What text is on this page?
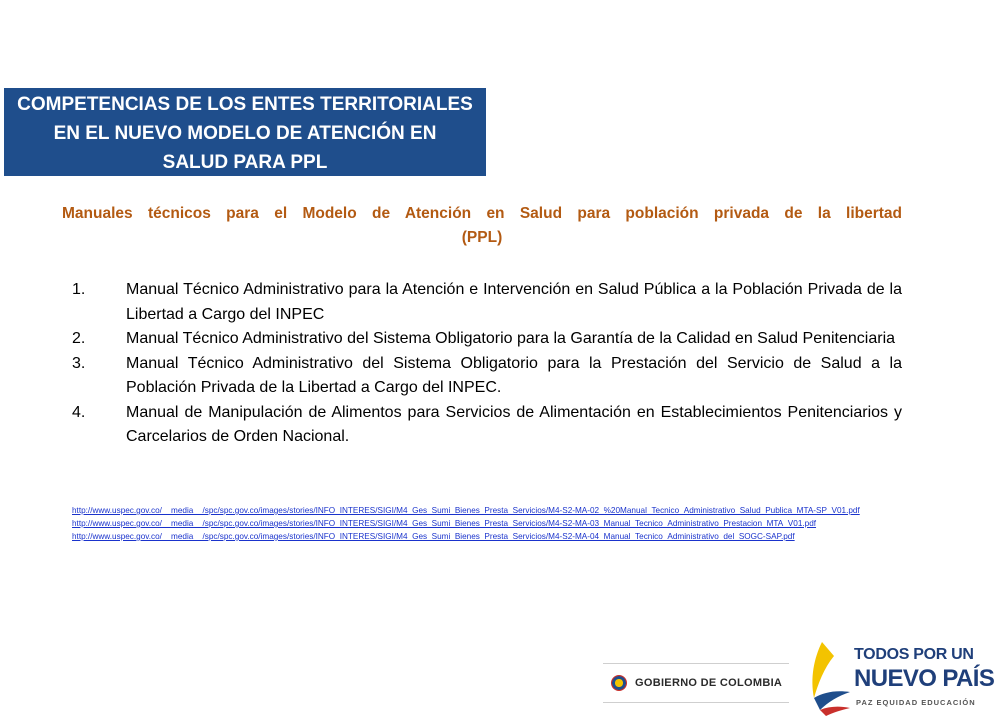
COMPETENCIAS DE LOS ENTES TERRITORIALES
EN EL NUEVO MODELO DE ATENCIÓN EN
SALUD PARA PPL
Manuales técnicos para el Modelo de Atención en Salud para población privada de la libertad
(PPL)
1.	Manual Técnico Administrativo para la Atención e Intervención en Salud Pública a la Población Privada de la Libertad a Cargo del INPEC
2.	Manual Técnico Administrativo del Sistema Obligatorio para la Garantía de la Calidad en Salud Penitenciaria
3.	Manual Técnico Administrativo del Sistema Obligatorio para la Prestación del Servicio de Salud a la Población Privada de la Libertad a Cargo del INPEC.
4.	Manual de Manipulación de Alimentos para Servicios de Alimentación en Establecimientos Penitenciarios y Carcelarios de Orden Nacional.
http://www.uspec.gov.co/__media__/spc/spc.gov.co/images/stories/INFO_INTERES/SIGI/M4_Ges_Sumi_Bienes_Presta_Servicios/M4-S2-MA-02_%20Manual_Tecnico_Administrativo_Salud_Publica_MTA-SP_V01.pdf
http://www.uspec.gov.co/__media__/spc/spc.gov.co/images/stories/INFO_INTERES/SIGI/M4_Ges_Sumi_Bienes_Presta_Servicios/M4-S2-MA-03_Manual_Tecnico_Administrativo_Prestacion_MTA_V01.pdf
http://www.uspec.gov.co/__media__/spc/spc.gov.co/images/stories/INFO_INTERES/SIGI/M4_Ges_Sumi_Bienes_Presta_Servicios/M4-S2-MA-04_Manual_Tecnico_Administrativo_del_SOGC-SAP.pdf
GOBIERNO DE COLOMBIA
TODOS POR UN
NUEVO PAÍS
PAZ EQUIDAD EDUCACIÓN
